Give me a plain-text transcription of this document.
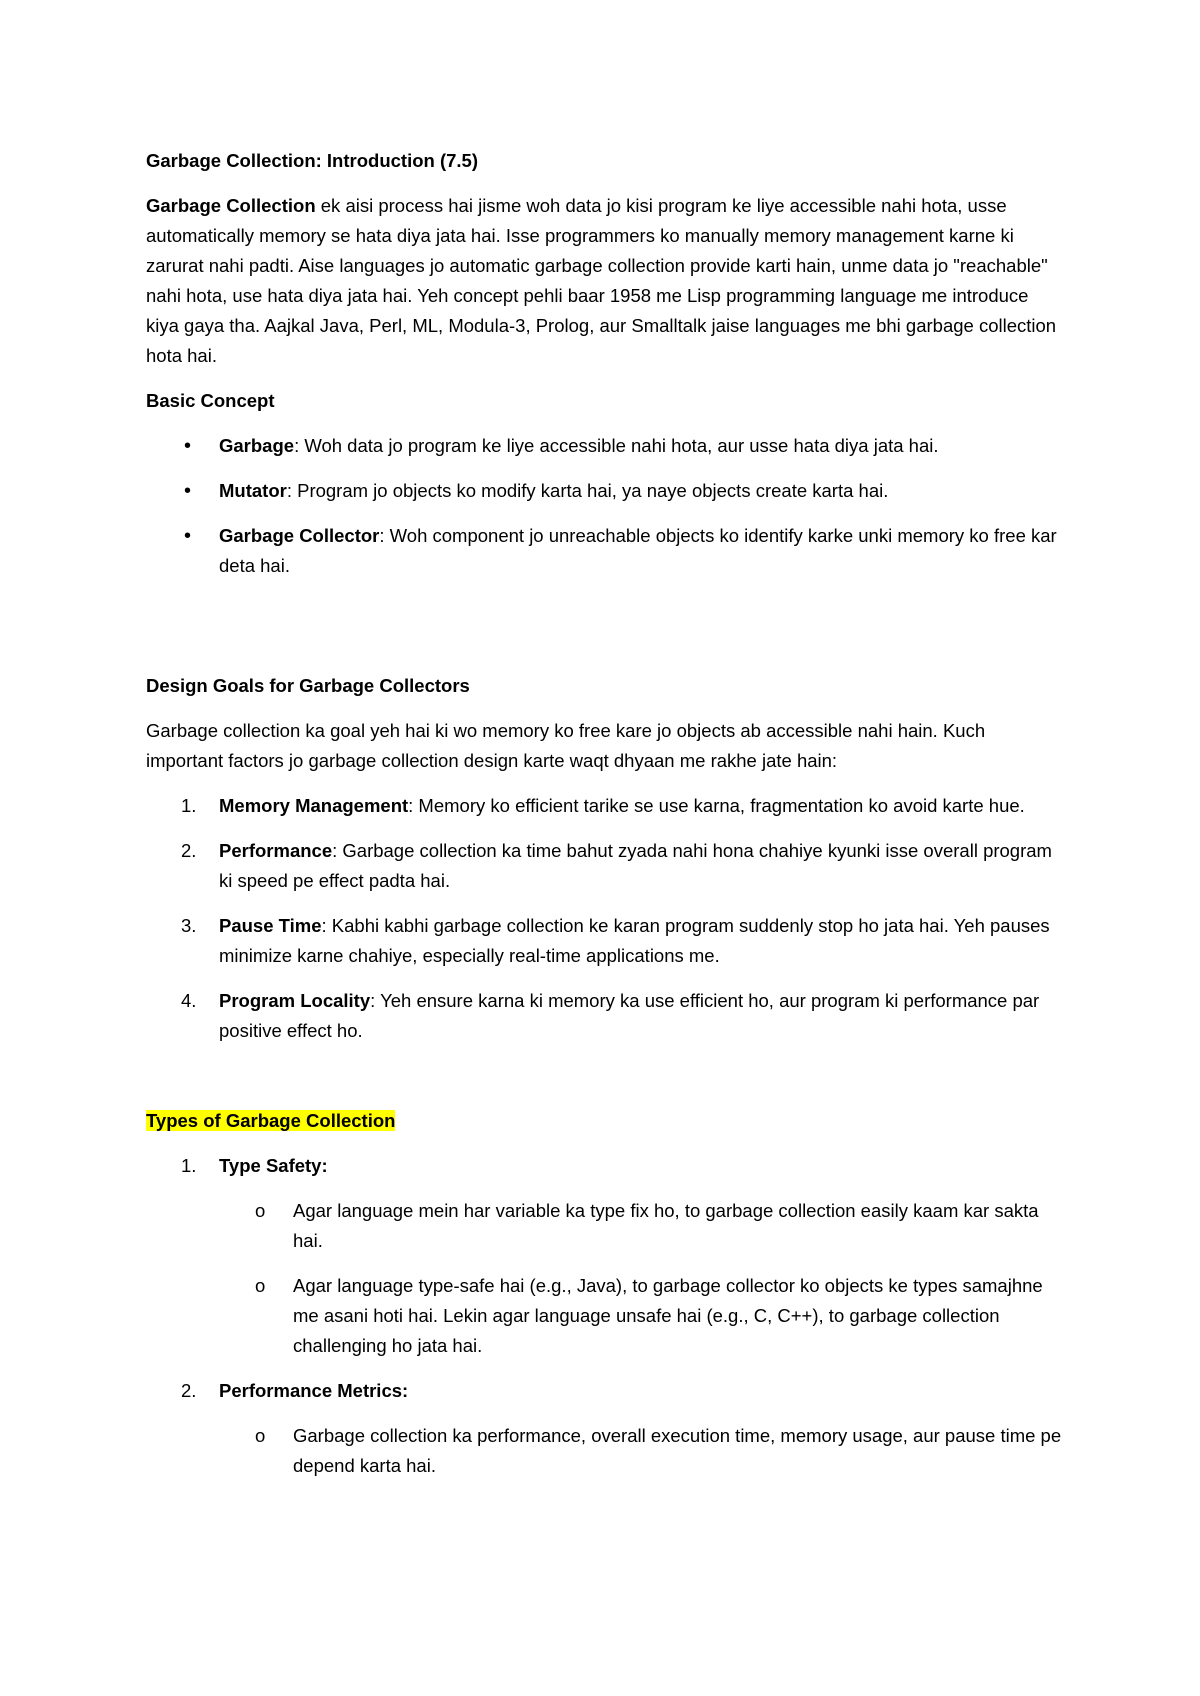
Garbage Collection: Introduction (7.5)

Garbage Collection ek aisi process hai jisme woh data jo kisi program ke liye accessible nahi hota, usse automatically memory se hata diya jata hai. Isse programmers ko manually memory management karne ki zarurat nahi padti. Aise languages jo automatic garbage collection provide karti hain, unme data jo "reachable" nahi hota, use hata diya jata hai. Yeh concept pehli baar 1958 me Lisp programming language me introduce kiya gaya tha. Aajkal Java, Perl, ML, Modula-3, Prolog, aur Smalltalk jaise languages me bhi garbage collection hota hai.

Basic Concept

•	Garbage: Woh data jo program ke liye accessible nahi hota, aur usse hata diya jata hai.
•	Mutator: Program jo objects ko modify karta hai, ya naye objects create karta hai.
•	Garbage Collector: Woh component jo unreachable objects ko identify karke unki memory ko free kar deta hai.

Design Goals for Garbage Collectors

Garbage collection ka goal yeh hai ki wo memory ko free kare jo objects ab accessible nahi hain. Kuch important factors jo garbage collection design karte waqt dhyaan me rakhe jate hain:

1.	Memory Management: Memory ko efficient tarike se use karna, fragmentation ko avoid karte hue.
2.	Performance: Garbage collection ka time bahut zyada nahi hona chahiye kyunki isse overall program ki speed pe effect padta hai.
3.	Pause Time: Kabhi kabhi garbage collection ke karan program suddenly stop ho jata hai. Yeh pauses minimize karne chahiye, especially real-time applications me.
4.	Program Locality: Yeh ensure karna ki memory ka use efficient ho, aur program ki performance par positive effect ho.

Types of Garbage Collection

1.	Type Safety:
o Agar language mein har variable ka type fix ho, to garbage collection easily kaam kar sakta hai.
o Agar language type-safe hai (e.g., Java), to garbage collector ko objects ke types samajhne me asani hoti hai. Lekin agar language unsafe hai (e.g., C, C++), to garbage collection challenging ho jata hai.
2.	Performance Metrics:
o Garbage collection ka performance, overall execution time, memory usage, aur pause time pe depend karta hai.
